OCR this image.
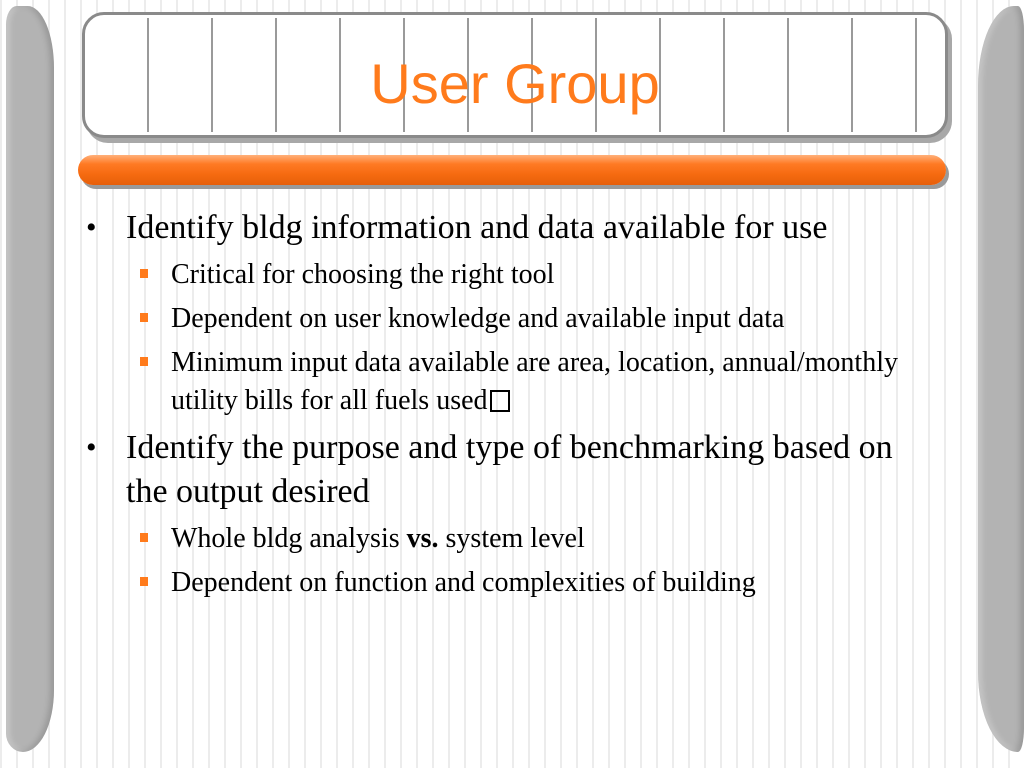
User Group
• Identify bldg information and data available for use
Critical for choosing the right tool
Dependent on user knowledge and available input data
Minimum input data available are area, location, annual/monthly utility bills for all fuels used
• Identify the purpose and type of benchmarking based on the output desired
Whole bldg analysis vs. system level
Dependent on function and complexities of building
